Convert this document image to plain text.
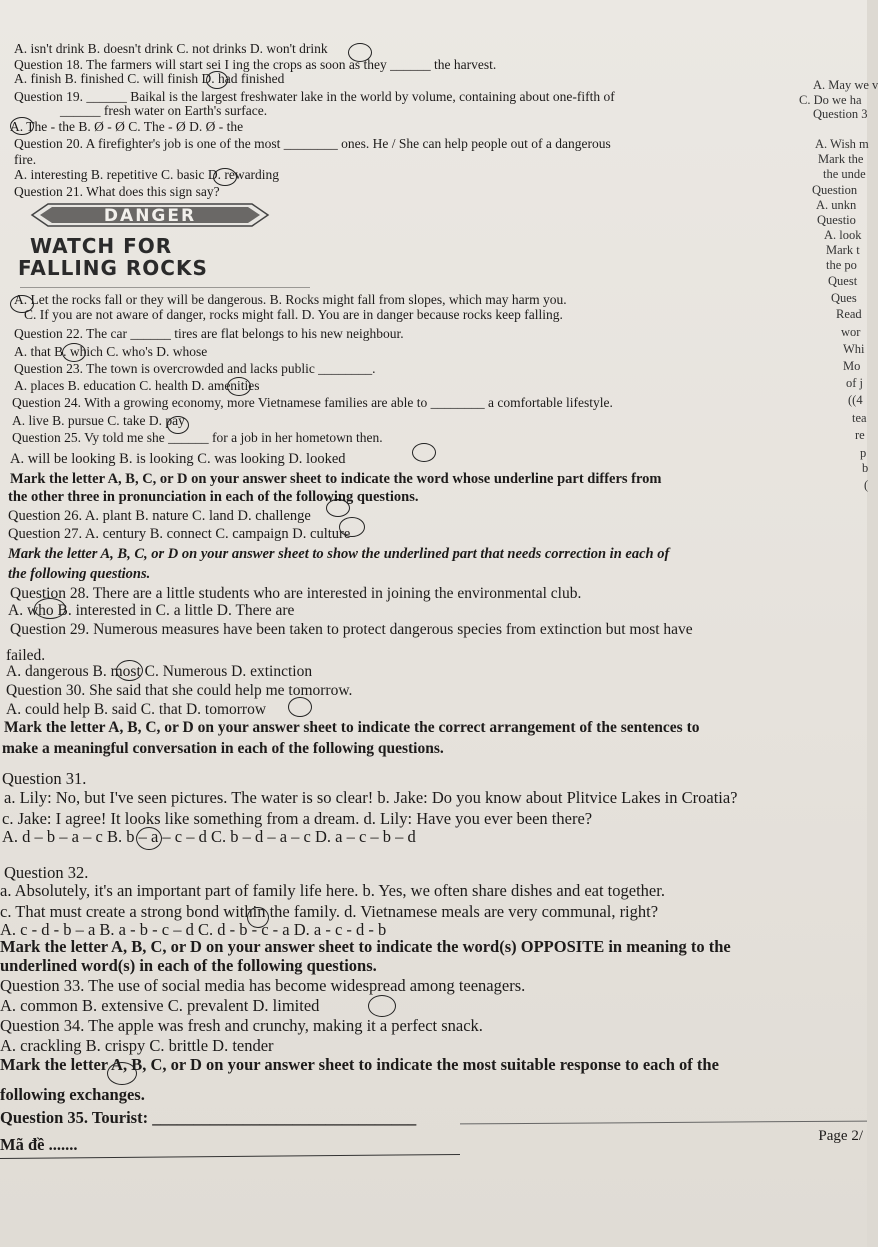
A. isn't drink B. doesn't drink C. not drinks D. won't drink
Question 18. The farmers will start sei I ing the crops as soon as they ______ the harvest.
A. finish B. finished C. will finish D. had finished
Question 19. ______ Baikal is the largest freshwater lake in the world by volume, containing about one-fifth of
______ fresh water on Earth's surface.
A. The - the B. Ø - Ø C. The - Ø D. Ø - the
Question 20. A firefighter's job is one of the most ________ ones. He / She can help people out of a dangerous
fire.
A. interesting B. repetitive C. basic D. rewarding
Question 21. What does this sign say?
A. Let the rocks fall or they will be dangerous. B. Rocks might fall from slopes, which may harm you.
C. If you are not aware of danger, rocks might fall. D. You are in danger because rocks keep falling.
Question 22. The car ______ tires are flat belongs to his new neighbour.
A. that B. which C. who's D. whose
Question 23. The town is overcrowded and lacks public ________.
A. places B. education C. health D. amenities
Question 24. With a growing economy, more Vietnamese families are able to ________ a comfortable lifestyle.
A. live B. pursue C. take D. pay
Question 25. Vy told me she ______ for a job in her hometown then.
A. will be looking B. is looking C. was looking D. looked
Mark the letter A, B, C, or D on your answer sheet to indicate the word whose underline part differs from
the other three in pronunciation in each of the following questions.
Question 26. A. plant B. nature C. land D. challenge
Question 27. A. century B. connect C. campaign D. culture
Mark the letter A, B, C, or D on your answer sheet to show the underlined part that needs correction in each of
the following questions.
Question 28. There are a little students who are interested in joining the environmental club.
A. who B. interested in C. a little D. There are
Question 29. Numerous measures have been taken to protect dangerous species from extinction but most have
failed.
A. dangerous B. most C. Numerous D. extinction
Question 30. She said that she could help me tomorrow.
A. could help B. said C. that D. tomorrow
Mark the letter A, B, C, or D on your answer sheet to indicate the correct arrangement of the sentences to
make a meaningful conversation in each of the following questions.
Question 31.
a. Lily: No, but I've seen pictures. The water is so clear! b. Jake: Do you know about Plitvice Lakes in Croatia?
c. Jake: I agree! It looks like something from a dream. d. Lily: Have you ever been there?
A. d – b – a – c B. b – a – c – d C. b – d – a – c D. a – c – b – d
Question 32.
a. Absolutely, it's an important part of family life here. b. Yes, we often share dishes and eat together.
c. That must create a strong bond within the family. d. Vietnamese meals are very communal, right?
A. c - d - b – a B. a - b - c – d C. d - b - c - a D. a - c - d - b
Mark the letter A, B, C, or D on your answer sheet to indicate the word(s) OPPOSITE in meaning to the
underlined word(s) in each of the following questions.
Question 33. The use of social media has become widespread among teenagers.
A. common B. extensive C. prevalent D. limited
Question 34. The apple was fresh and crunchy, making it a perfect snack.
A. crackling B. crispy C. brittle D. tender
Mark the letter A, B, C, or D on your answer sheet to indicate the most suitable response to each of the
following exchanges.
Question 35. Tourist: ________________________________
Mã đề .......
DANGER
WATCH FOR
FALLING ROCKS
A. May we v
C. Do we ha
Question 3
A. Wish m
Mark the
the unde
Question
A. unkn
Questio
A. look
Mark t
the po
Quest
Ques
Read
wor
Whi
Mo
of j
((4
tea
re
p
b
(
Page 2/
